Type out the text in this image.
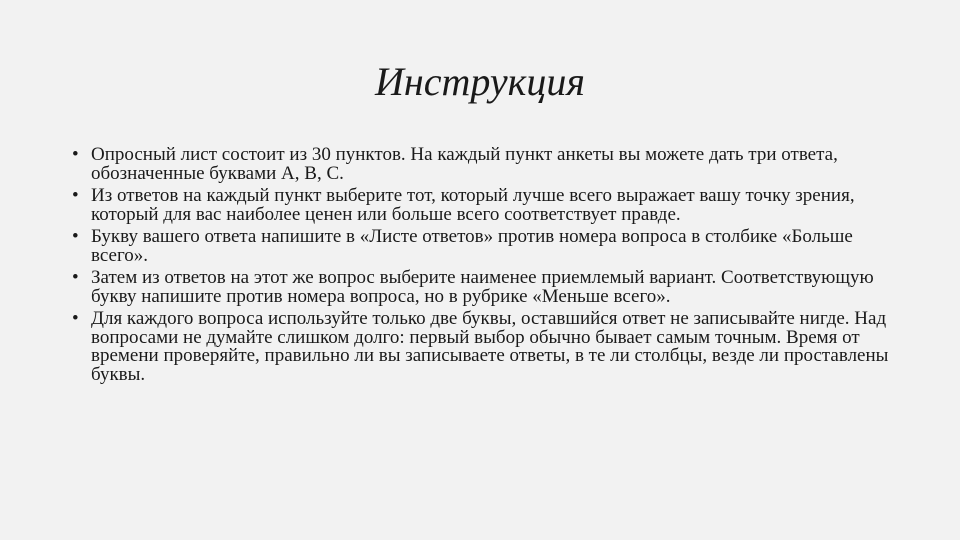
Инструкция
• Опросный лист состоит из 30 пунктов. На каждый пункт анкеты вы можете дать три ответа, обозначенные буквами А, В, С.
• Из ответов на каждый пункт выберите тот, который лучше всего выражает вашу точку зрения, который для вас наиболее ценен или больше всего соответствует правде.
• Букву вашего ответа напишите в «Листе ответов» против номера вопроса в столбике «Больше всего».
• Затем из ответов на этот же вопрос выберите наименее приемлемый вариант. Соответствующую букву напишите против номера вопроса, но в рубрике «Меньше всего».
• Для каждого вопроса используйте только две буквы, оставшийся ответ не записывайте нигде. Над вопросами не думайте слишком долго: первый выбор обычно бывает самым точным. Время от времени проверяйте, правильно ли вы записываете ответы, в те ли столбцы, везде ли проставлены буквы.
